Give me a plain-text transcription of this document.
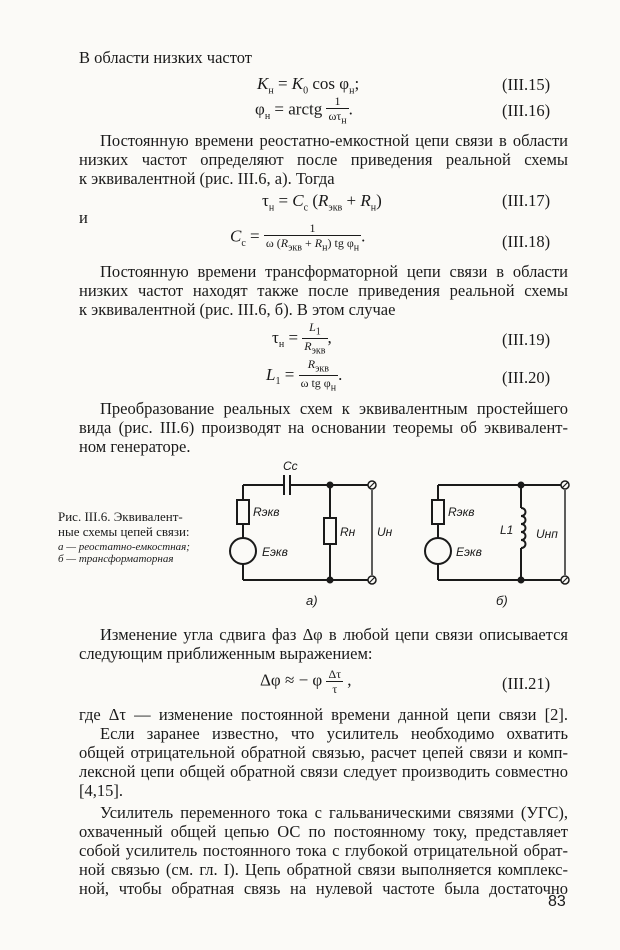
В области низких частот
$K_н = K_0$ $\cos \varphi_н$;	(III.15)
$\varphi_н$ = arctg $\frac{1}{\omega\tau_н}$ .	(III.16)
Постоянную времени реостатно-емкостной цепи связи в области
низких частот определяют после приведения реальной схемы
к эквивалентной (рис. III.6, а). Тогда
$\tau_н = C_с$ $(R_{экв} + R_н)$	(III.17)
и
$C_с = \frac{1}{\omega (R_{экв} + R_н) tg \varphi_н}$ .	(III.18)
Постоянную времени трансформаторной цепи связи в области
низких частот находят также после приведения реальной схемы
к эквивалентной (рис. III.6, б). В этом случае
$\tau_н = \frac{L_1}{R_{экв}}$ ,	(III.19)
$L_1 = \frac{R_{экв}}{\omega tg \varphi_н}$ .	(III.20)
Преобразование реальных схем к эквивалентным простейшего
вида (рис. III.6) производят на основании теоремы об эквивалент-
ном генераторе.
Рис. III.6. Эквивалент-
ные схемы цепей связи:
а — реостатно-емкостная;
б — трансформаторная
Cc
Rэкв
Eэкв
Rн Uн
а)
Rэкв
Eэкв
L1 Uнп
б)
Изменение угла сдвига фаз Δφ в любой цепи связи описывается
следующим приближенным выражением:
Δφ ≈ − φ $\frac{\Delta\tau}{\tau}$ ,	(III.21)
где Δτ — изменение постоянной времени данной цепи связи [2].
Если заранее известно, что усилитель необходимо охватить
общей отрицательной обратной связью, расчет цепей связи и комп-
лексной цепи общей обратной связи следует производить совместно
[4,15].
Усилитель переменного тока с гальваническими связями (УГС),
охваченный общей цепью ОС по постоянному току, представляет
собой усилитель постоянного тока с глубокой отрицательной обрат-
ной связью (см. гл. I). Цепь обратной связи выполняется комплекс-
ной, чтобы обратная связь на нулевой частоте была достаточно
83
